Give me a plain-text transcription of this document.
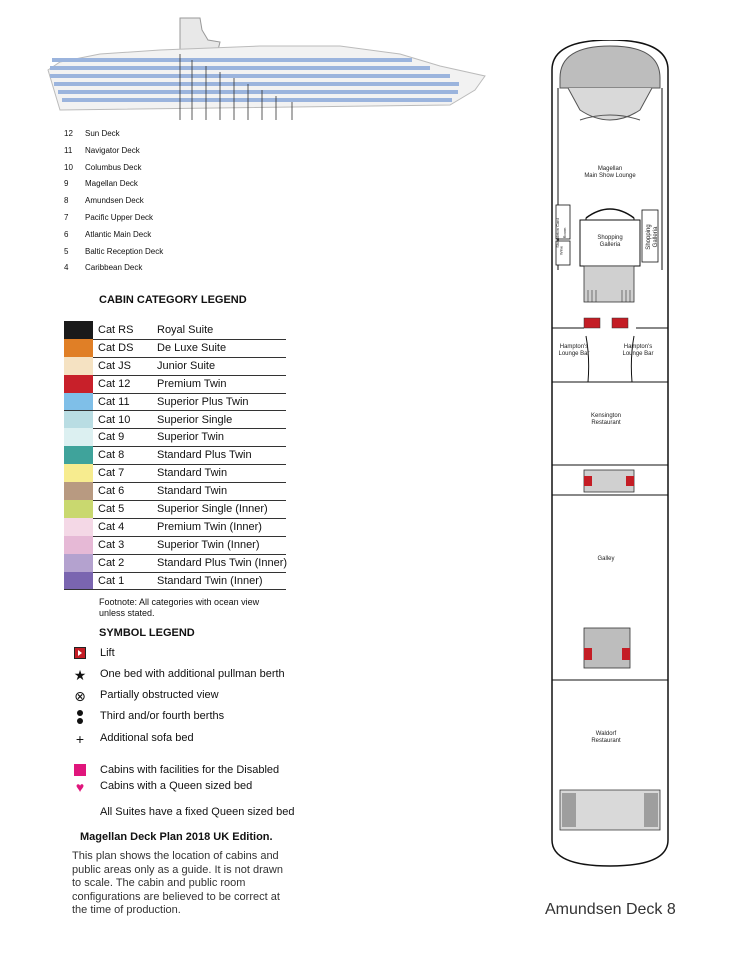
12	Sun Deck
11	Navigator Deck
10	Columbus Deck
9	Magellan Deck
8	Amundsen Deck
7	Pacific Upper Deck
6	Atlantic Main Deck
5	Baltic Reception Deck
4	Caribbean Deck
CABIN CATEGORY LEGEND
Cat RS Royal Suite
Cat DS De Luxe Suite
Cat JS Junior Suite
Cat 12 Premium Twin
Cat 11 Superior Plus Twin
Cat 10 Superior Single
Cat 9	Superior Twin
Cat 8	Standard Plus Twin
Cat 7	Standard Twin
Cat 6	Standard Twin
Cat 5	Superior Single (Inner)
Cat 4	Premium Twin (Inner)
Cat 3	Superior Twin (Inner)
Cat 2	Standard Plus Twin (Inner)
Cat 1	Standard Twin (Inner)
Footnote: All categories with ocean view
unless stated.
SYMBOL LEGEND
Lift
★ One bed with additional pullman berth
⊗ Partially obstructed view
Third and/or fourth berths
+	Additional sofa bed
Cabins with facilities for the Disabled
♥	Cabins with a Queen sized bed
All Suites have a fixed Queen sized bed
Magellan Deck Plan 2018 UK Edition.
This plan shows the location of cabins and public areas only as a guide. It is not drawn to scale. The cabin and public room configurations are believed to be correct at the time of production.	Amundsen Deck 8
Magellan
Main Show Lounge
Shopping
Galleria	Shopping Galleria
Shackleton Card Room
Wine
Hampton's
Lounge Bar
Hampton's
Lounge Bar
Kensington
Restaurant
Galley
Waldorf
Restaurant
